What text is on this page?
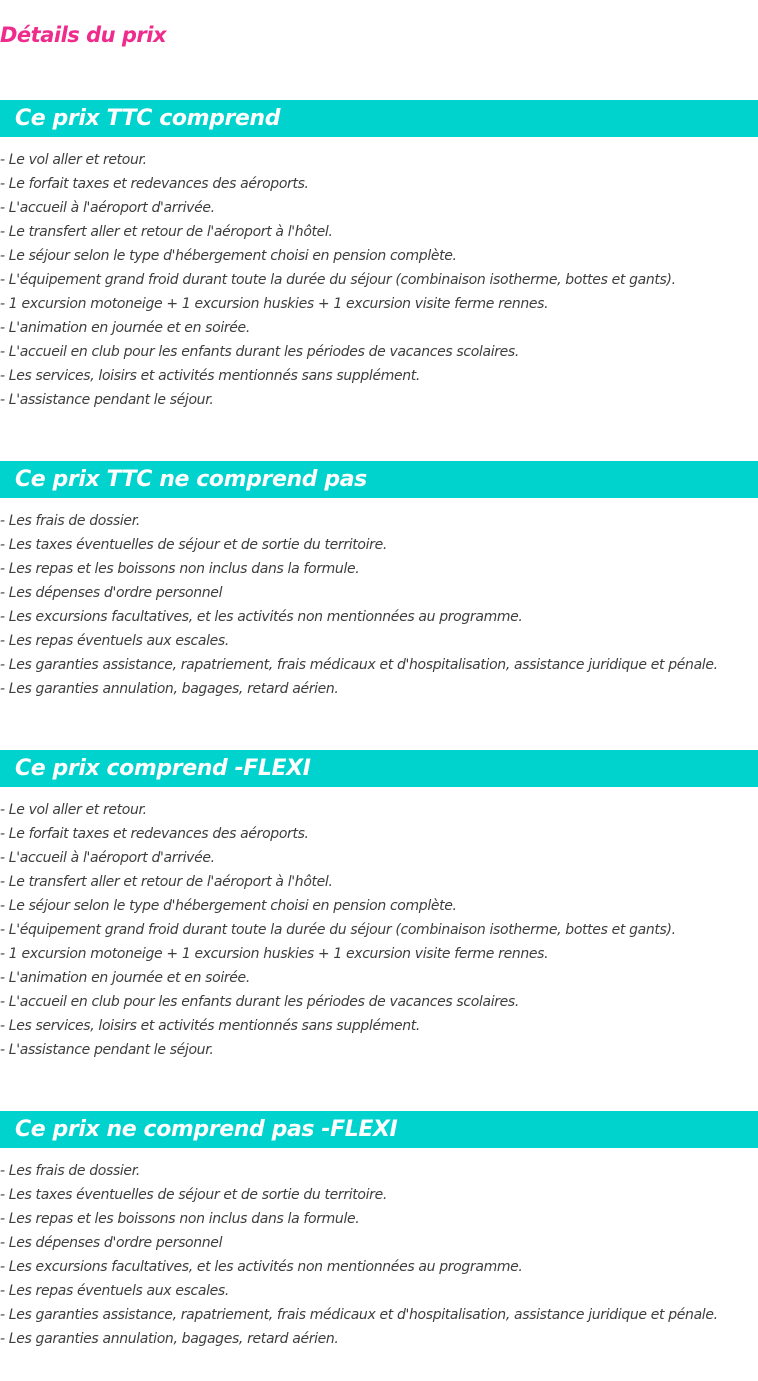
Détails du prix
Ce prix TTC comprend
- Le vol aller et retour.
- Le forfait taxes et redevances des aéroports.
- L'accueil à l'aéroport d'arrivée.
- Le transfert aller et retour de l'aéroport à l'hôtel.
- Le séjour selon le type d'hébergement choisi en pension complète.
- L'équipement grand froid durant toute la durée du séjour (combinaison isotherme, bottes et gants).
- 1 excursion motoneige + 1 excursion huskies + 1 excursion visite ferme rennes.
- L'animation en journée et en soirée.
- L'accueil en club pour les enfants durant les périodes de vacances scolaires.
- Les services, loisirs et activités mentionnés sans supplément.
- L'assistance pendant le séjour.
Ce prix TTC ne comprend pas
- Les frais de dossier.
- Les taxes éventuelles de séjour et de sortie du territoire.
- Les repas et les boissons non inclus dans la formule.
- Les dépenses d'ordre personnel
- Les excursions facultatives, et les activités non mentionnées au programme.
- Les repas éventuels aux escales.
- Les garanties assistance, rapatriement, frais médicaux et d'hospitalisation, assistance juridique et pénale.
- Les garanties annulation, bagages, retard aérien.
Ce prix comprend -FLEXI
- Le vol aller et retour.
- Le forfait taxes et redevances des aéroports.
- L'accueil à l'aéroport d'arrivée.
- Le transfert aller et retour de l'aéroport à l'hôtel.
- Le séjour selon le type d'hébergement choisi en pension complète.
- L'équipement grand froid durant toute la durée du séjour (combinaison isotherme, bottes et gants).
- 1 excursion motoneige + 1 excursion huskies + 1 excursion visite ferme rennes.
- L'animation en journée et en soirée.
- L'accueil en club pour les enfants durant les périodes de vacances scolaires.
- Les services, loisirs et activités mentionnés sans supplément.
- L'assistance pendant le séjour.
Ce prix ne comprend pas -FLEXI
- Les frais de dossier.
- Les taxes éventuelles de séjour et de sortie du territoire.
- Les repas et les boissons non inclus dans la formule.
- Les dépenses d'ordre personnel
- Les excursions facultatives, et les activités non mentionnées au programme.
- Les repas éventuels aux escales.
- Les garanties assistance, rapatriement, frais médicaux et d'hospitalisation, assistance juridique et pénale.
- Les garanties annulation, bagages, retard aérien.
